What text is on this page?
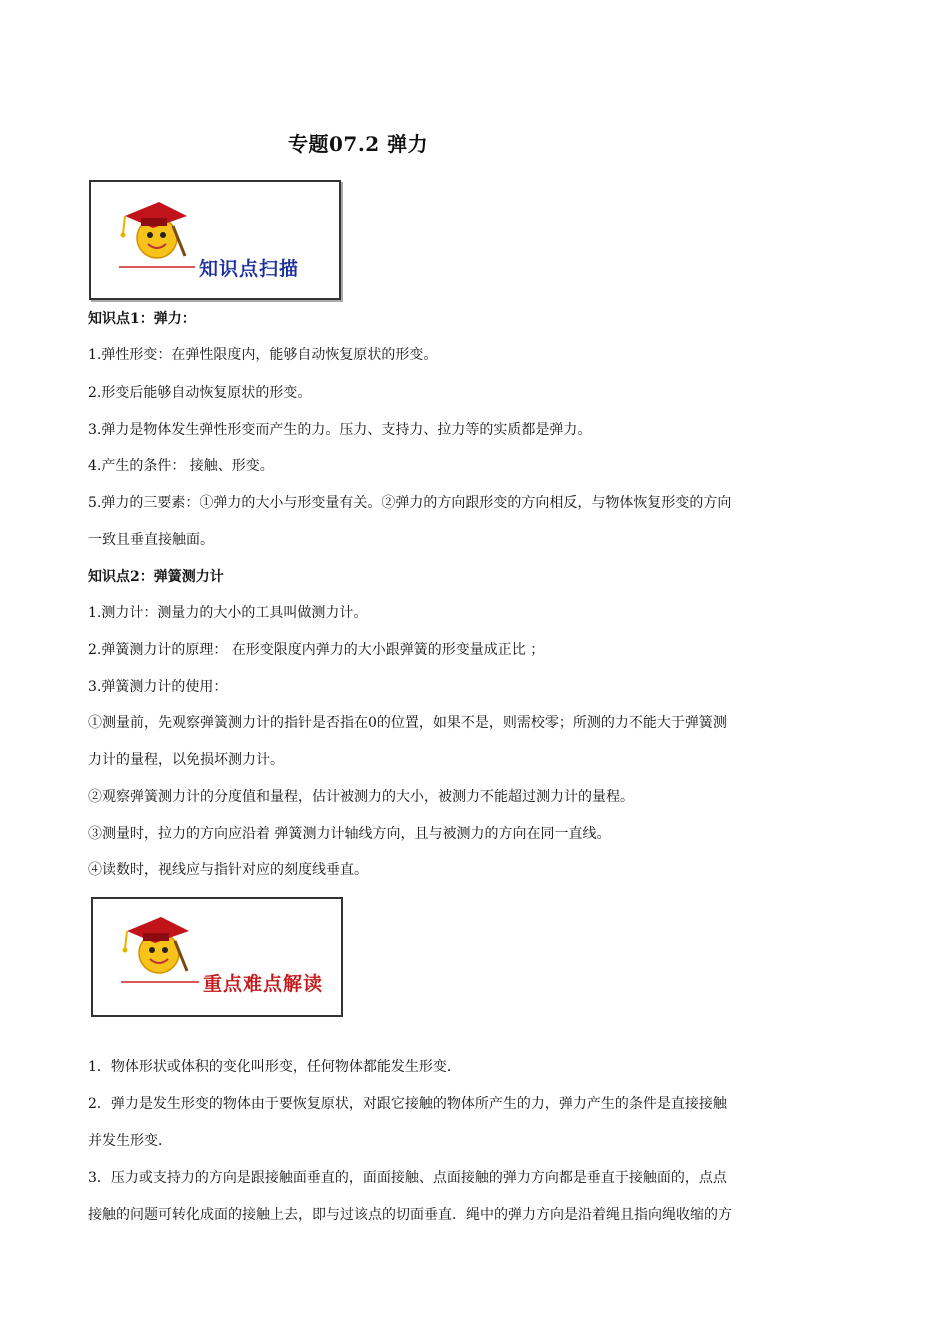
专题07.2 弹力
知识点扫描
知识点1：弹力：
1.弹性形变：在弹性限度内，能够自动恢复原状的形变。
2.形变后能够自动恢复原状的形变。
3.弹力是物体发生弹性形变而产生的力。压力、支持力、拉力等的实质都是弹力。
4.产生的条件： 接触、形变。
5.弹力的三要素：①弹力的大小与形变量有关。②弹力的方向跟形变的方向相反，与物体恢复形变的方向
一致且垂直接触面。
知识点2：弹簧测力计
1.测力计：测量力的大小的工具叫做测力计。
2.弹簧测力计的原理： 在形变限度内弹力的大小跟弹簧的形变量成正比 ；
3.弹簧测力计的使用：
①测量前，先观察弹簧测力计的指针是否指在0的位置，如果不是，则需校零；所测的力不能大于弹簧测
力计的量程，以免损坏测力计。
②观察弹簧测力计的分度值和量程，估计被测力的大小，被测力不能超过测力计的量程。
③测量时，拉力的方向应沿着 弹簧测力计轴线方向，且与被测力的方向在同一直线。
④读数时，视线应与指针对应的刻度线垂直。
重点难点解读
1．物体形状或体积的变化叫形变，任何物体都能发生形变．
2．弹力是发生形变的物体由于要恢复原状，对跟它接触的物体所产生的力，弹力产生的条件是直接接触
并发生形变．
3．压力或支持力的方向是跟接触面垂直的，面面接触、点面接触的弹力方向都是垂直于接触面的，点点
接触的问题可转化成面的接触上去，即与过该点的切面垂直．绳中的弹力方向是沿着绳且指向绳收缩的方
